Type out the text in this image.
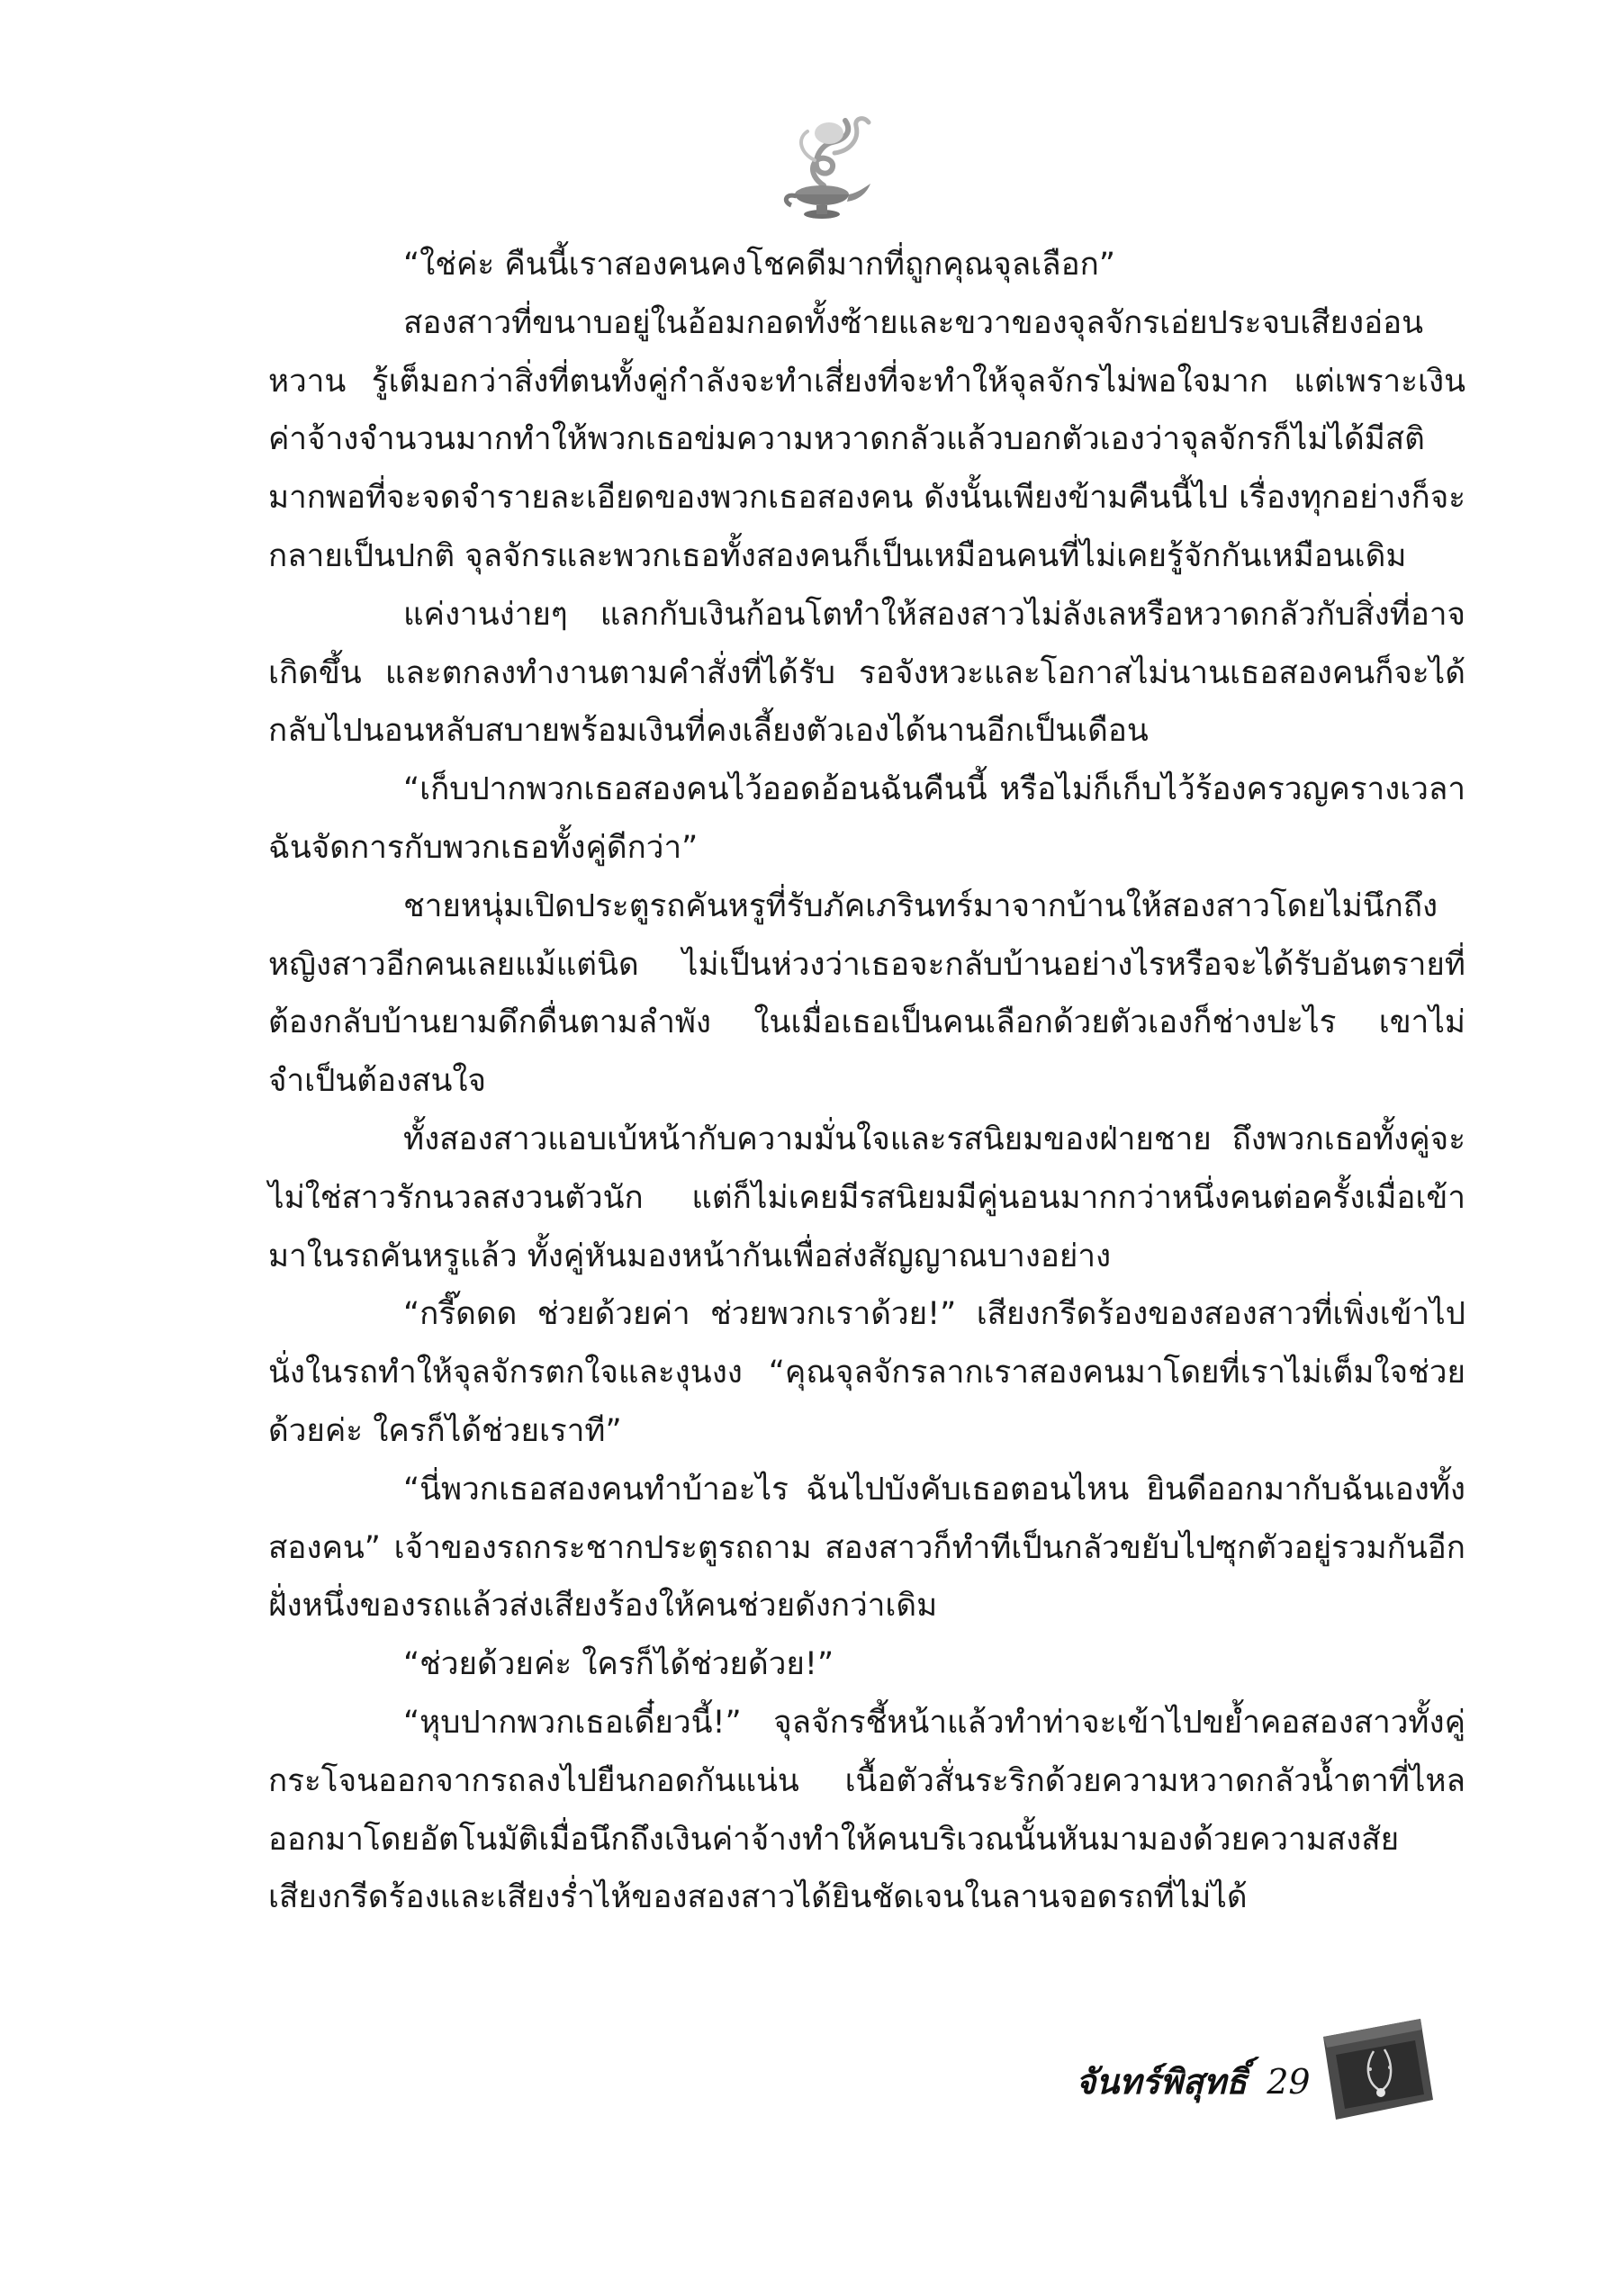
“ใช่ค่ะ คืนนี้เราสองคนคงโชคดีมากที่ถูกคุณจุลเลือก”

สองสาวที่ขนาบอยู่ในอ้อมกอดทั้งซ้ายและขวาของจุลจักรเอ่ยประจบเสียงอ่อนหวาน รู้เต็มอกว่าสิ่งที่ตนทั้งคู่กำลังจะทำเสี่ยงที่จะทำให้จุลจักรไม่พอใจมาก แต่เพราะเงินค่าจ้างจำนวนมากทำให้พวกเธอข่มความหวาดกลัวแล้วบอกตัวเองว่าจุลจักรก็ไม่ได้มีสติมากพอที่จะจดจำรายละเอียดของพวกเธอสองคน ดังนั้นเพียงข้ามคืนนี้ไป เรื่องทุกอย่างก็จะกลายเป็นปกติ จุลจักรและพวกเธอทั้งสองคนก็เป็นเหมือนคนที่ไม่เคยรู้จักกันเหมือนเดิม

แค่งานง่ายๆ แลกกับเงินก้อนโตทำให้สองสาวไม่ลังเลหรือหวาดกลัวกับสิ่งที่อาจเกิดขึ้น และตกลงทำงานตามคำสั่งที่ได้รับ รอจังหวะและโอกาสไม่นานเธอสองคนก็จะได้กลับไปนอนหลับสบายพร้อมเงินที่คงเลี้ยงตัวเองได้นานอีกเป็นเดือน

“เก็บปากพวกเธอสองคนไว้ออดอ้อนฉันคืนนี้ หรือไม่ก็เก็บไว้ร้องครวญครางเวลาฉันจัดการกับพวกเธอทั้งคู่ดีกว่า”

ชายหนุ่มเปิดประตูรถคันหรูที่รับภัคเภรินทร์มาจากบ้านให้สองสาวโดยไม่นึกถึงหญิงสาวอีกคนเลยแม้แต่นิด ไม่เป็นห่วงว่าเธอจะกลับบ้านอย่างไรหรือจะได้รับอันตรายที่ต้องกลับบ้านยามดึกดื่นตามลำพัง ในเมื่อเธอเป็นคนเลือกด้วยตัวเองก็ช่างปะไร เขาไม่จำเป็นต้องสนใจ

ทั้งสองสาวแอบเบ้หน้ากับความมั่นใจและรสนิยมของฝ่ายชาย ถึงพวกเธอทั้งคู่จะไม่ใช่สาวรักนวลสงวนตัวนัก แต่ก็ไม่เคยมีรสนิยมมีคู่นอนมากกว่าหนึ่งคนต่อครั้งเมื่อเข้ามาในรถคันหรูแล้ว ทั้งคู่หันมองหน้ากันเพื่อส่งสัญญาณบางอย่าง

“กรี๊ดดด ช่วยด้วยค่า ช่วยพวกเราด้วย!” เสียงกรีดร้องของสองสาวที่เพิ่งเข้าไปนั่งในรถทำให้จุลจักรตกใจและงุนงง “คุณจุลจักรลากเราสองคนมาโดยที่เราไม่เต็มใจช่วยด้วยค่ะ ใครก็ได้ช่วยเราที”

“นี่พวกเธอสองคนทำบ้าอะไร ฉันไปบังคับเธอตอนไหน ยินดีออกมากับฉันเองทั้งสองคน” เจ้าของรถกระชากประตูรถถาม สองสาวก็ทำทีเป็นกลัวขยับไปซุกตัวอยู่รวมกันอีกฝั่งหนึ่งของรถแล้วส่งเสียงร้องให้คนช่วยดังกว่าเดิม

“ช่วยด้วยค่ะ ใครก็ได้ช่วยด้วย!”

“หุบปากพวกเธอเดี๋ยวนี้!” จุลจักรชี้หน้าแล้วทำท่าจะเข้าไปขย้ำคอสองสาวทั้งคู่กระโจนออกจากรถลงไปยืนกอดกันแน่น เนื้อตัวสั่นระริกด้วยความหวาดกลัวน้ำตาที่ไหลออกมาโดยอัตโนมัติเมื่อนึกถึงเงินค่าจ้างทำให้คนบริเวณนั้นหันมามองด้วยความสงสัย เสียงกรีดร้องและเสียงร่ำไห้ของสองสาวได้ยินชัดเจนในลานจอดรถที่ไม่ได้

จันทร์พิสุทธิ์ 29
